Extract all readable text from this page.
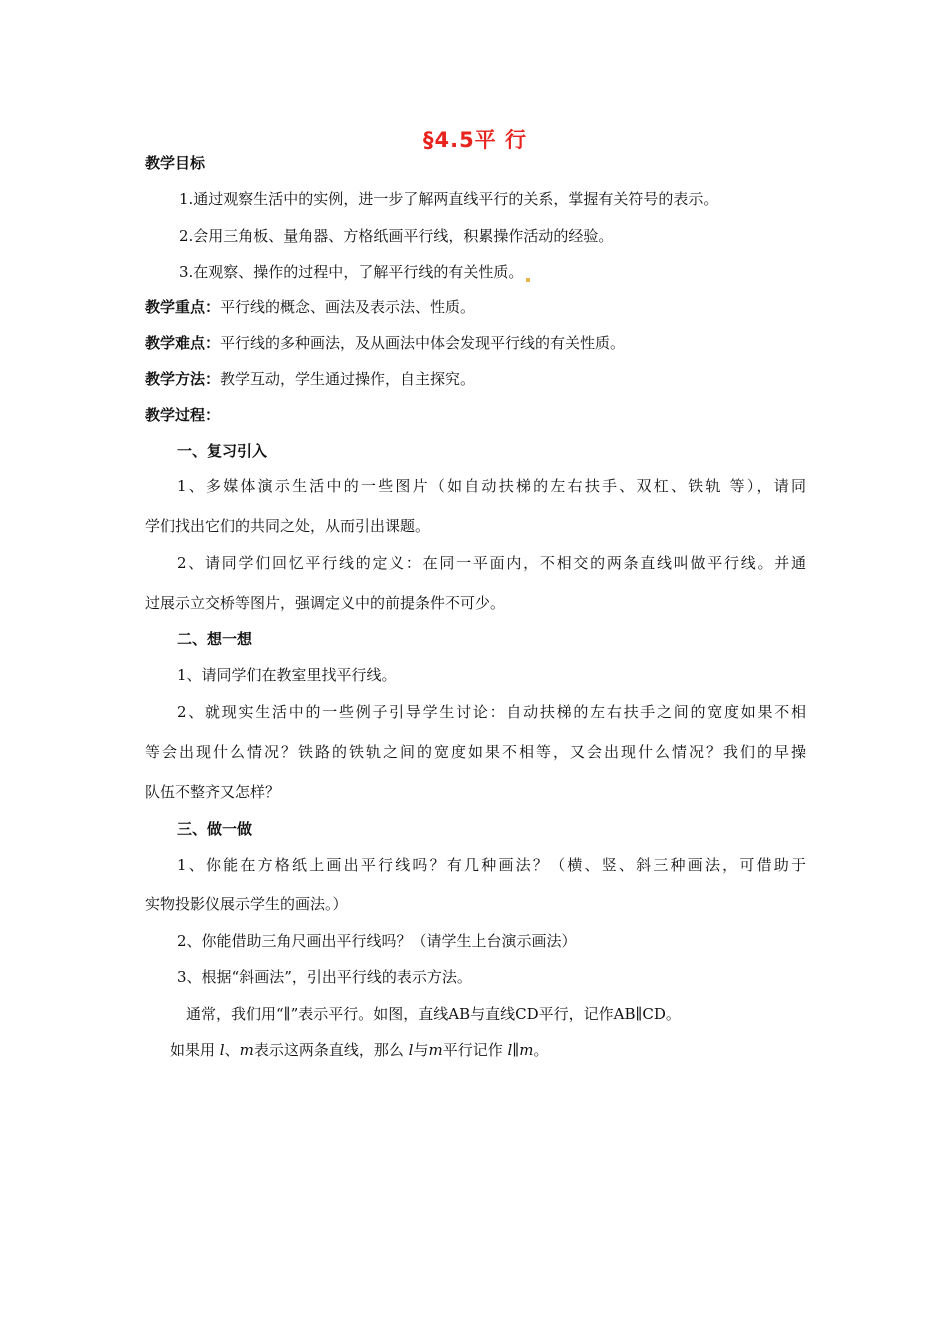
§4.5平 行
教学目标
1.通过观察生活中的实例，进一步了解两直线平行的关系，掌握有关符号的表示。
2.会用三角板、量角器、方格纸画平行线，积累操作活动的经验。
3.在观察、操作的过程中，了解平行线的有关性质。
教学重点：平行线的概念、画法及表示法、性质。
教学难点：平行线的多种画法，及从画法中体会发现平行线的有关性质。
教学方法：教学互动，学生通过操作，自主探究。
教学过程：
一、复习引入
1、多媒体演示生活中的一些图片（如自动扶梯的左右扶手、双杠、铁轨 等），请同
学们找出它们的共同之处，从而引出课题。
2、请同学们回忆平行线的定义：在同一平面内，不相交的两条直线叫做平行线。并通
过展示立交桥等图片，强调定义中的前提条件不可少。
二、想一想
1、请同学们在教室里找平行线。
2、就现实生活中的一些例子引导学生讨论：自动扶梯的左右扶手之间的宽度如果不相
等会出现什么情况？铁路的铁轨之间的宽度如果不相等，又会出现什么情况？我们的早操
队伍不整齐又怎样？
三、做一做
1、你能在方格纸上画出平行线吗？有几种画法？（横、竖、斜三种画法，可借助于
实物投影仪展示学生的画法。）
2、你能借助三角尺画出平行线吗？（请学生上台演示画法）
3、根据“斜画法”，引出平行线的表示方法。
通常，我们用“∥”表示平行。如图，直线AB与直线CD平行，记作AB∥CD。
如果用 l、m表示这两条直线，那么 l与m平行记作 l∥m。
